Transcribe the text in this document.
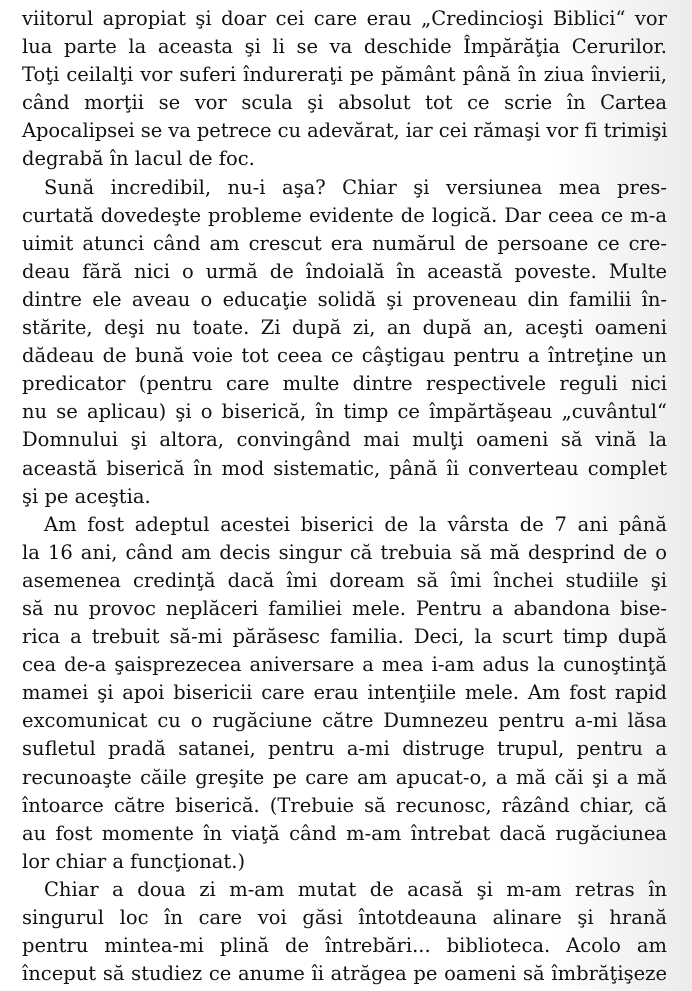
viitorul apropiat şi doar cei care erau „Credincioşi Biblici“ vor
lua parte la aceasta şi li se va deschide Împărăţia Cerurilor.
Toţi ceilalţi vor suferi îndureraţi pe pământ până în ziua învierii,
când morţii se vor scula şi absolut tot ce scrie în Cartea
Apocalipsei se va petrece cu adevărat, iar cei rămaşi vor fi trimişi
degrabă în lacul de foc.
Sună incredibil, nu-i aşa? Chiar şi versiunea mea pres-
curtată dovedeşte probleme evidente de logică. Dar ceea ce m-a
uimit atunci când am crescut era numărul de persoane ce cre-
deau fără nici o urmă de îndoială în această poveste. Multe
dintre ele aveau o educaţie solidă şi proveneau din familii în-
stărite, deşi nu toate. Zi după zi, an după an, aceşti oameni
dădeau de bună voie tot ceea ce câştigau pentru a întreţine un
predicator (pentru care multe dintre respectivele reguli nici
nu se aplicau) şi o biserică, în timp ce împărtăşeau „cuvântul“
Domnului şi altora, convingând mai mulţi oameni să vină la
această biserică în mod sistematic, până îi converteau complet
şi pe aceştia.
Am fost adeptul acestei biserici de la vârsta de 7 ani până
la 16 ani, când am decis singur că trebuia să mă desprind de o
asemenea credinţă dacă îmi doream să îmi închei studiile şi
să nu provoc neplăceri familiei mele. Pentru a abandona bise-
rica a trebuit să-mi părăsesc familia. Deci, la scurt timp după
cea de-a şaisprezecea aniversare a mea i-am adus la cunoştinţă
mamei şi apoi bisericii care erau intenţiile mele. Am fost rapid
excomunicat cu o rugăciune către Dumnezeu pentru a-mi lăsa
sufletul pradă satanei, pentru a-mi distruge trupul, pentru a
recunoaşte căile greşite pe care am apucat-o, a mă căi şi a mă
întoarce către biserică. (Trebuie să recunosc, râzând chiar, că
au fost momente în viaţă când m-am întrebat dacă rugăciunea
lor chiar a funcţionat.)
Chiar a doua zi m-am mutat de acasă şi m-am retras în
singurul loc în care voi găsi întotdeauna alinare şi hrană
pentru mintea-mi plină de întrebări... biblioteca. Acolo am
început să studiez ce anume îi atrăgea pe oameni să îmbrăţişeze
